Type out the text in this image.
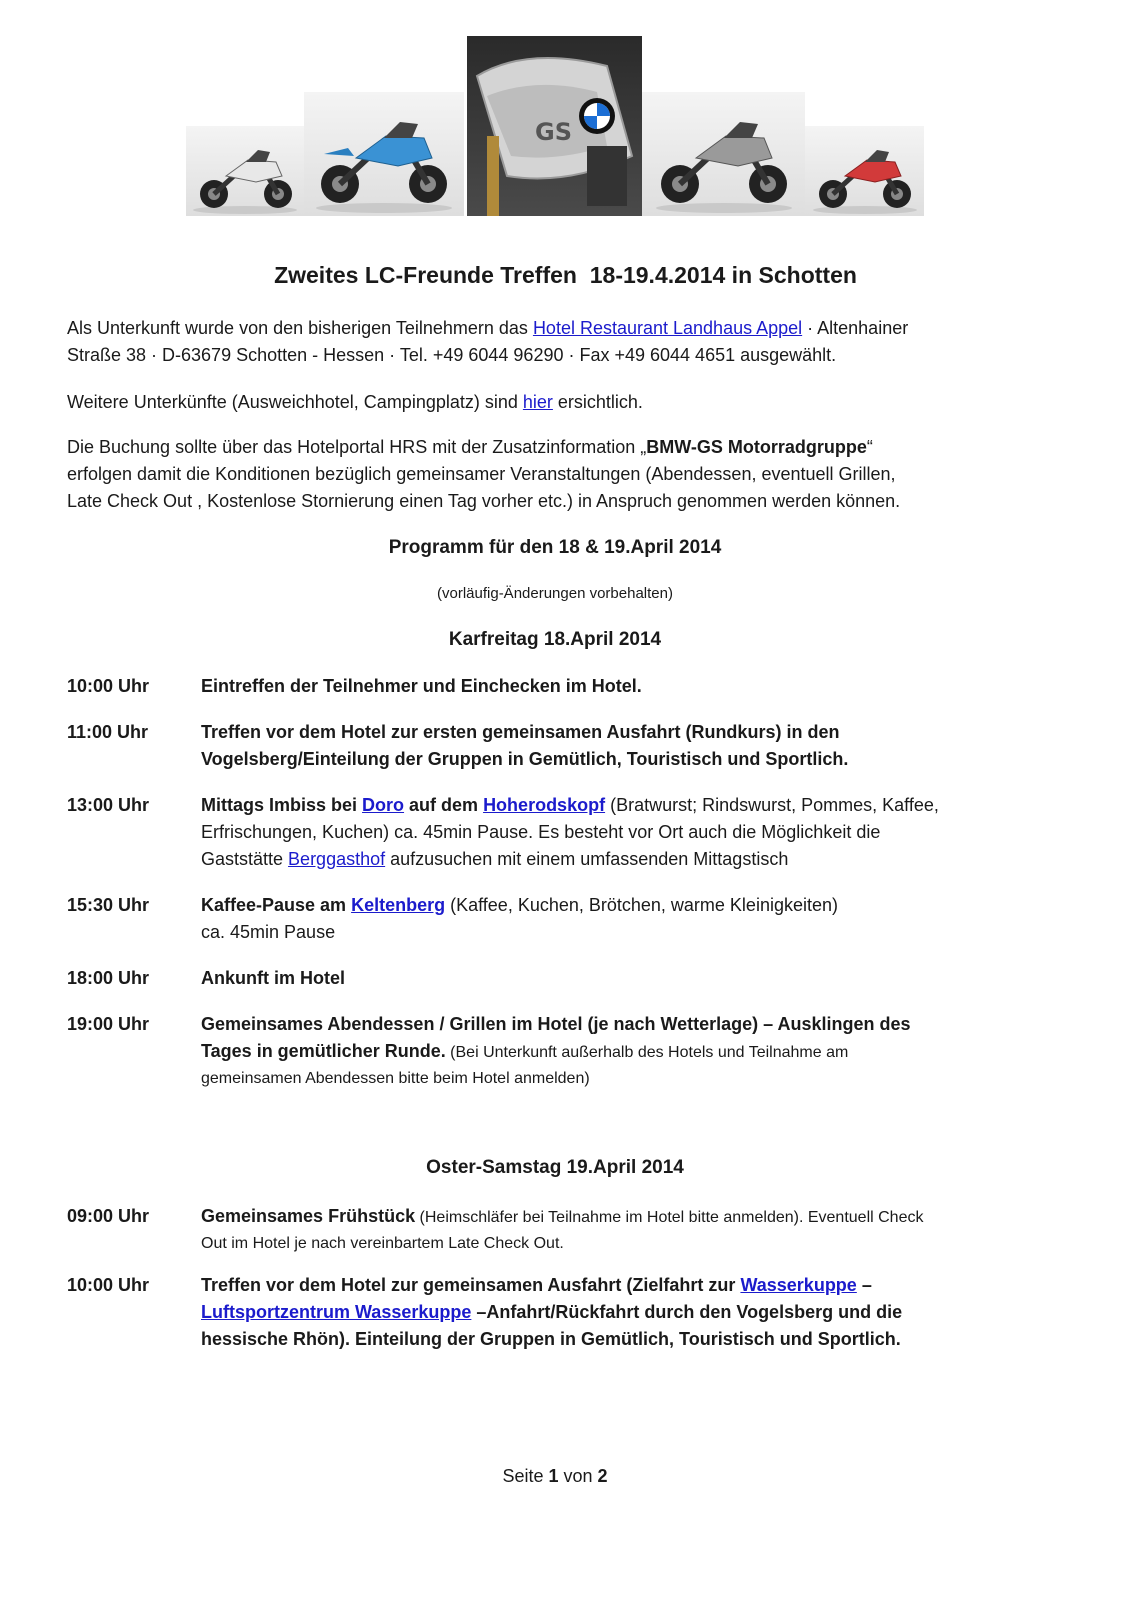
GS
Zweites LC-Freunde Treffen  18-19.4.2014 in Schotten
Als Unterkunft wurde von den bisherigen Teilnehmern das Hotel Restaurant Landhaus Appel · Altenhainer
Straße 38 · D-63679 Schotten - Hessen · Tel. +49 6044 96290 · Fax +49 6044 4651 ausgewählt.
Weitere Unterkünfte (Ausweichhotel, Campingplatz) sind hier ersichtlich.
Die Buchung sollte über das Hotelportal HRS mit der Zusatzinformation „BMW-GS Motorradgruppe“
erfolgen damit die Konditionen bezüglich gemeinsamer Veranstaltungen (Abendessen, eventuell Grillen,
Late Check Out , Kostenlose Stornierung einen Tag vorher etc.) in Anspruch genommen werden können.
Programm für den 18 & 19.April 2014
(vorläufig-Änderungen vorbehalten)
Karfreitag 18.April 2014
10:00 Uhr	Eintreffen der Teilnehmer und Einchecken im Hotel.
11:00 Uhr	Treffen vor dem Hotel zur ersten gemeinsamen Ausfahrt (Rundkurs) in den
Vogelsberg/Einteilung der Gruppen in Gemütlich, Touristisch und Sportlich.
13:00 Uhr	Mittags Imbiss bei Doro auf dem Hoherodskopf (Bratwurst; Rindswurst, Pommes, Kaffee,
Erfrischungen, Kuchen) ca. 45min Pause. Es besteht vor Ort auch die Möglichkeit die
Gaststätte Berggasthof aufzusuchen mit einem umfassenden Mittagstisch
15:30 Uhr	Kaffee-Pause am Keltenberg (Kaffee, Kuchen, Brötchen, warme Kleinigkeiten)
ca. 45min Pause
18:00 Uhr	Ankunft im Hotel
19:00 Uhr	Gemeinsames Abendessen / Grillen im Hotel (je nach Wetterlage) – Ausklingen des
Tages in gemütlicher Runde. (Bei Unterkunft außerhalb des Hotels und Teilnahme am
gemeinsamen Abendessen bitte beim Hotel anmelden)
Oster-Samstag 19.April 2014
09:00 Uhr	Gemeinsames Frühstück (Heimschläfer bei Teilnahme im Hotel bitte anmelden). Eventuell Check
Out im Hotel je nach vereinbartem Late Check Out.
10:00 Uhr	Treffen vor dem Hotel zur gemeinsamen Ausfahrt (Zielfahrt zur Wasserkuppe –
Luftsportzentrum Wasserkuppe –Anfahrt/Rückfahrt durch den Vogelsberg und die
hessische Rhön). Einteilung der Gruppen in Gemütlich, Touristisch und Sportlich.
Seite 1 von 2
